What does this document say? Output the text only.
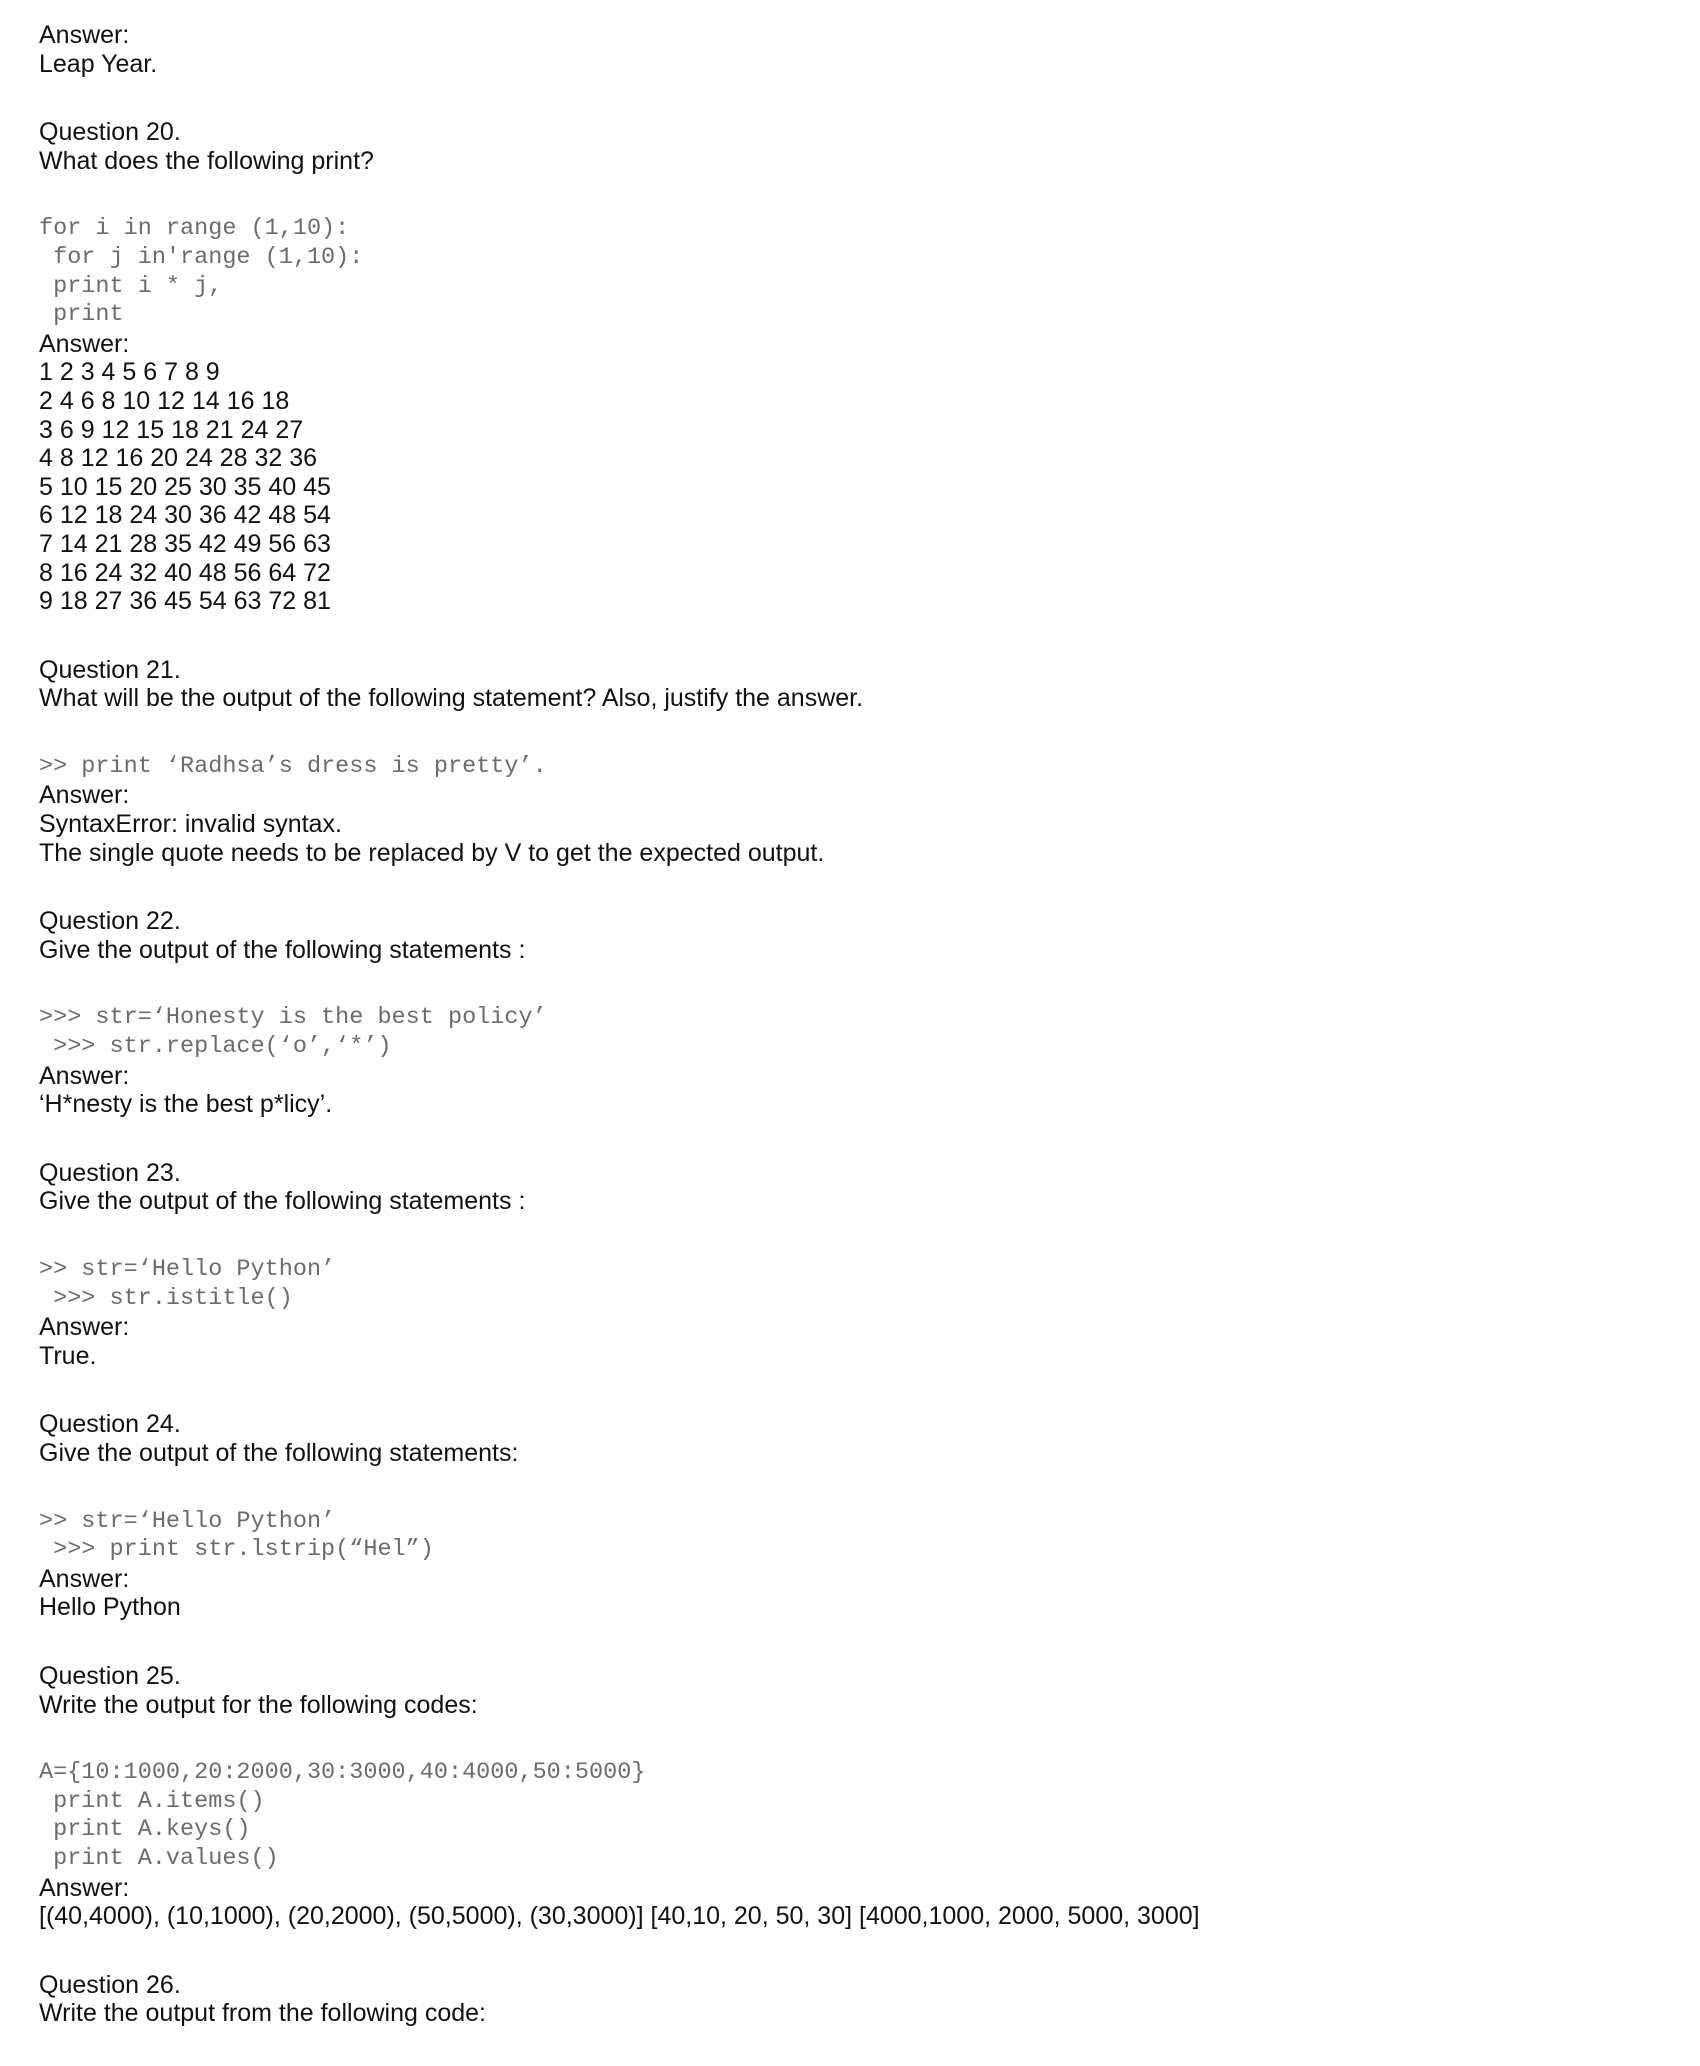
Answer:
Leap Year.
Question 20.
What does the following print?
for i in range (1,10):
for j in'range (1,10):
print i * j,
print
Answer:
1 2 3 4 5 6 7 8 9
2 4 6 8 10 12 14 16 18
3 6 9 12 15 18 21 24 27
4 8 12 16 20 24 28 32 36
5 10 15 20 25 30 35 40 45
6 12 18 24 30 36 42 48 54
7 14 21 28 35 42 49 56 63
8 16 24 32 40 48 56 64 72
9 18 27 36 45 54 63 72 81
Question 21.
What will be the output of the following statement? Also, justify the answer.
>> print ‘Radhsa’s dress is pretty’.
Answer:
SyntaxError: invalid syntax.
The single quote needs to be replaced by V to get the expected output.
Question 22.
Give the output of the following statements :
>>> str=‘Honesty is the best policy’
>>> str.replace(‘o’,‘*’)
Answer:
‘H*nesty is the best p*licy’.
Question 23.
Give the output of the following statements :
>> str=‘Hello Python’
>>> str.istitle()
Answer:
True.
Question 24.
Give the output of the following statements:
>> str=‘Hello Python’
>>> print str.lstrip(“Hel”)
Answer:
Hello Python
Question 25.
Write the output for the following codes:
A={10:1000,20:2000,30:3000,40:4000,50:5000}
print A.items()
print A.keys()
print A.values()
Answer:
[(40,4000), (10,1000), (20,2000), (50,5000), (30,3000)] [40,10, 20, 50, 30] [4000,1000, 2000, 5000, 3000]
Question 26.
Write the output from the following code:
